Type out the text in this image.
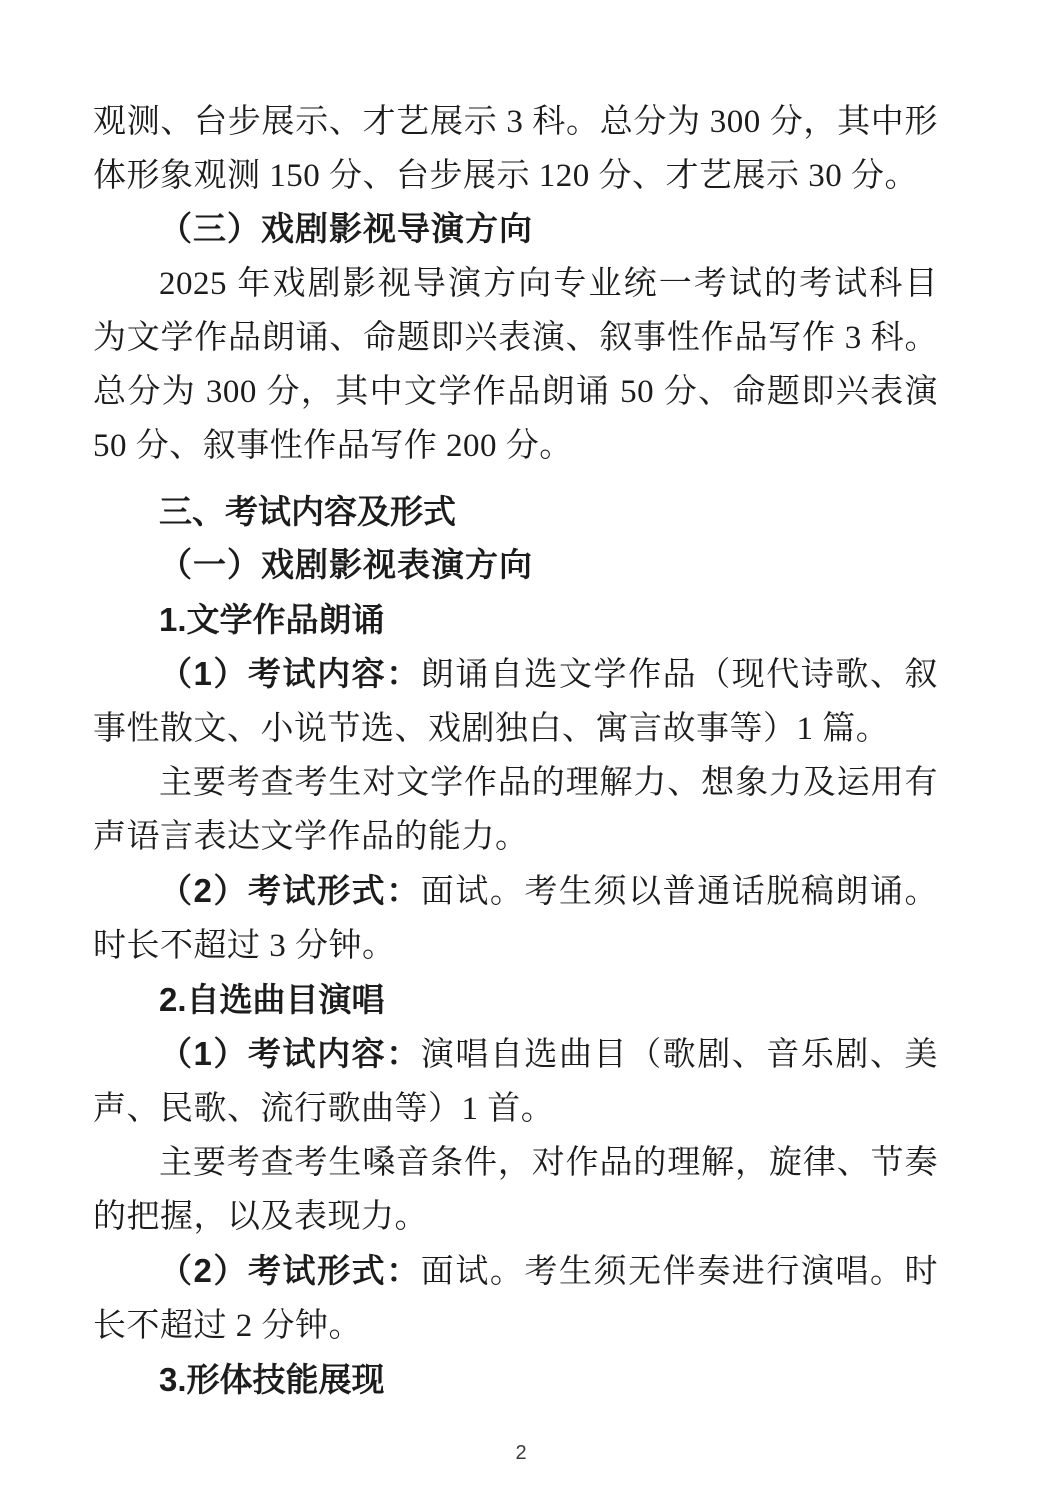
观测、台步展示、才艺展示 3 科。总分为 300 分，其中形体形象观测 150 分、台步展示 120 分、才艺展示 30 分。

（三）戏剧影视导演方向

2025 年戏剧影视导演方向专业统一考试的考试科目为文学作品朗诵、命题即兴表演、叙事性作品写作 3 科。总分为 300 分，其中文学作品朗诵 50 分、命题即兴表演 50 分、叙事性作品写作 200 分。

三、考试内容及形式
（一）戏剧影视表演方向
1.文学作品朗诵

（1）考试内容：朗诵自选文学作品（现代诗歌、叙事性散文、小说节选、戏剧独白、寓言故事等）1 篇。

主要考查考生对文学作品的理解力、想象力及运用有声语言表达文学作品的能力。

（2）考试形式：面试。考生须以普通话脱稿朗诵。时长不超过 3 分钟。

2.自选曲目演唱

（1）考试内容：演唱自选曲目（歌剧、音乐剧、美声、民歌、流行歌曲等）1 首。

主要考查考生嗓音条件，对作品的理解，旋律、节奏的把握，以及表现力。

（2）考试形式：面试。考生须无伴奏进行演唱。时长不超过 2 分钟。

3.形体技能展现
2
